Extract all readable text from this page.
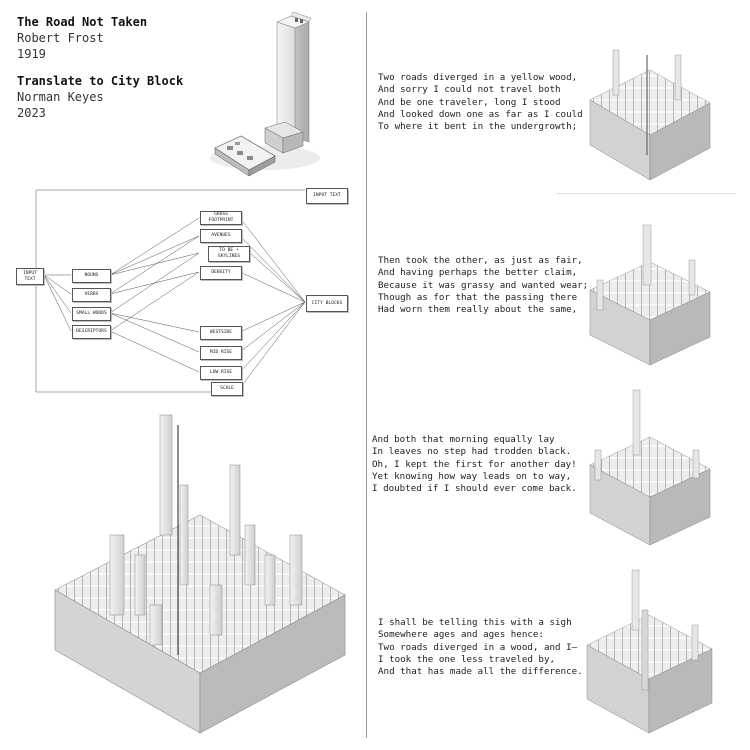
The Road Not Taken
Robert Frost
1919
Translate to City Block
Norman Keyes
2023
INPUT TEXT
INPUT TEXT
NOUNS
VERBS
SMALL WORDS
DESCRIPTORS
GROSS FOOTPRINT
AVENUES
TO BE + SKYLINES
DENSITY
WESTSIDE
MID RISE
LOW RISE
SCALE
CITY BLOCKS
Two roads diverged in a yellow wood,
And sorry I could not travel both
And be one traveler, long I stood
And looked down one as far as I could
To where it bent in the undergrowth;
Then took the other, as just as fair,
And having perhaps the better claim,
Because it was grassy and wanted wear;
Though as for that the passing there
Had worn them really about the same,
And both that morning equally lay
In leaves no step had trodden black.
Oh, I kept the first for another day!
Yet knowing how way leads on to way,
I doubted if I should ever come back.
I shall be telling this with a sigh
Somewhere ages and ages hence:
Two roads diverged in a wood, and I—
I took the one less traveled by,
And that has made all the difference.
